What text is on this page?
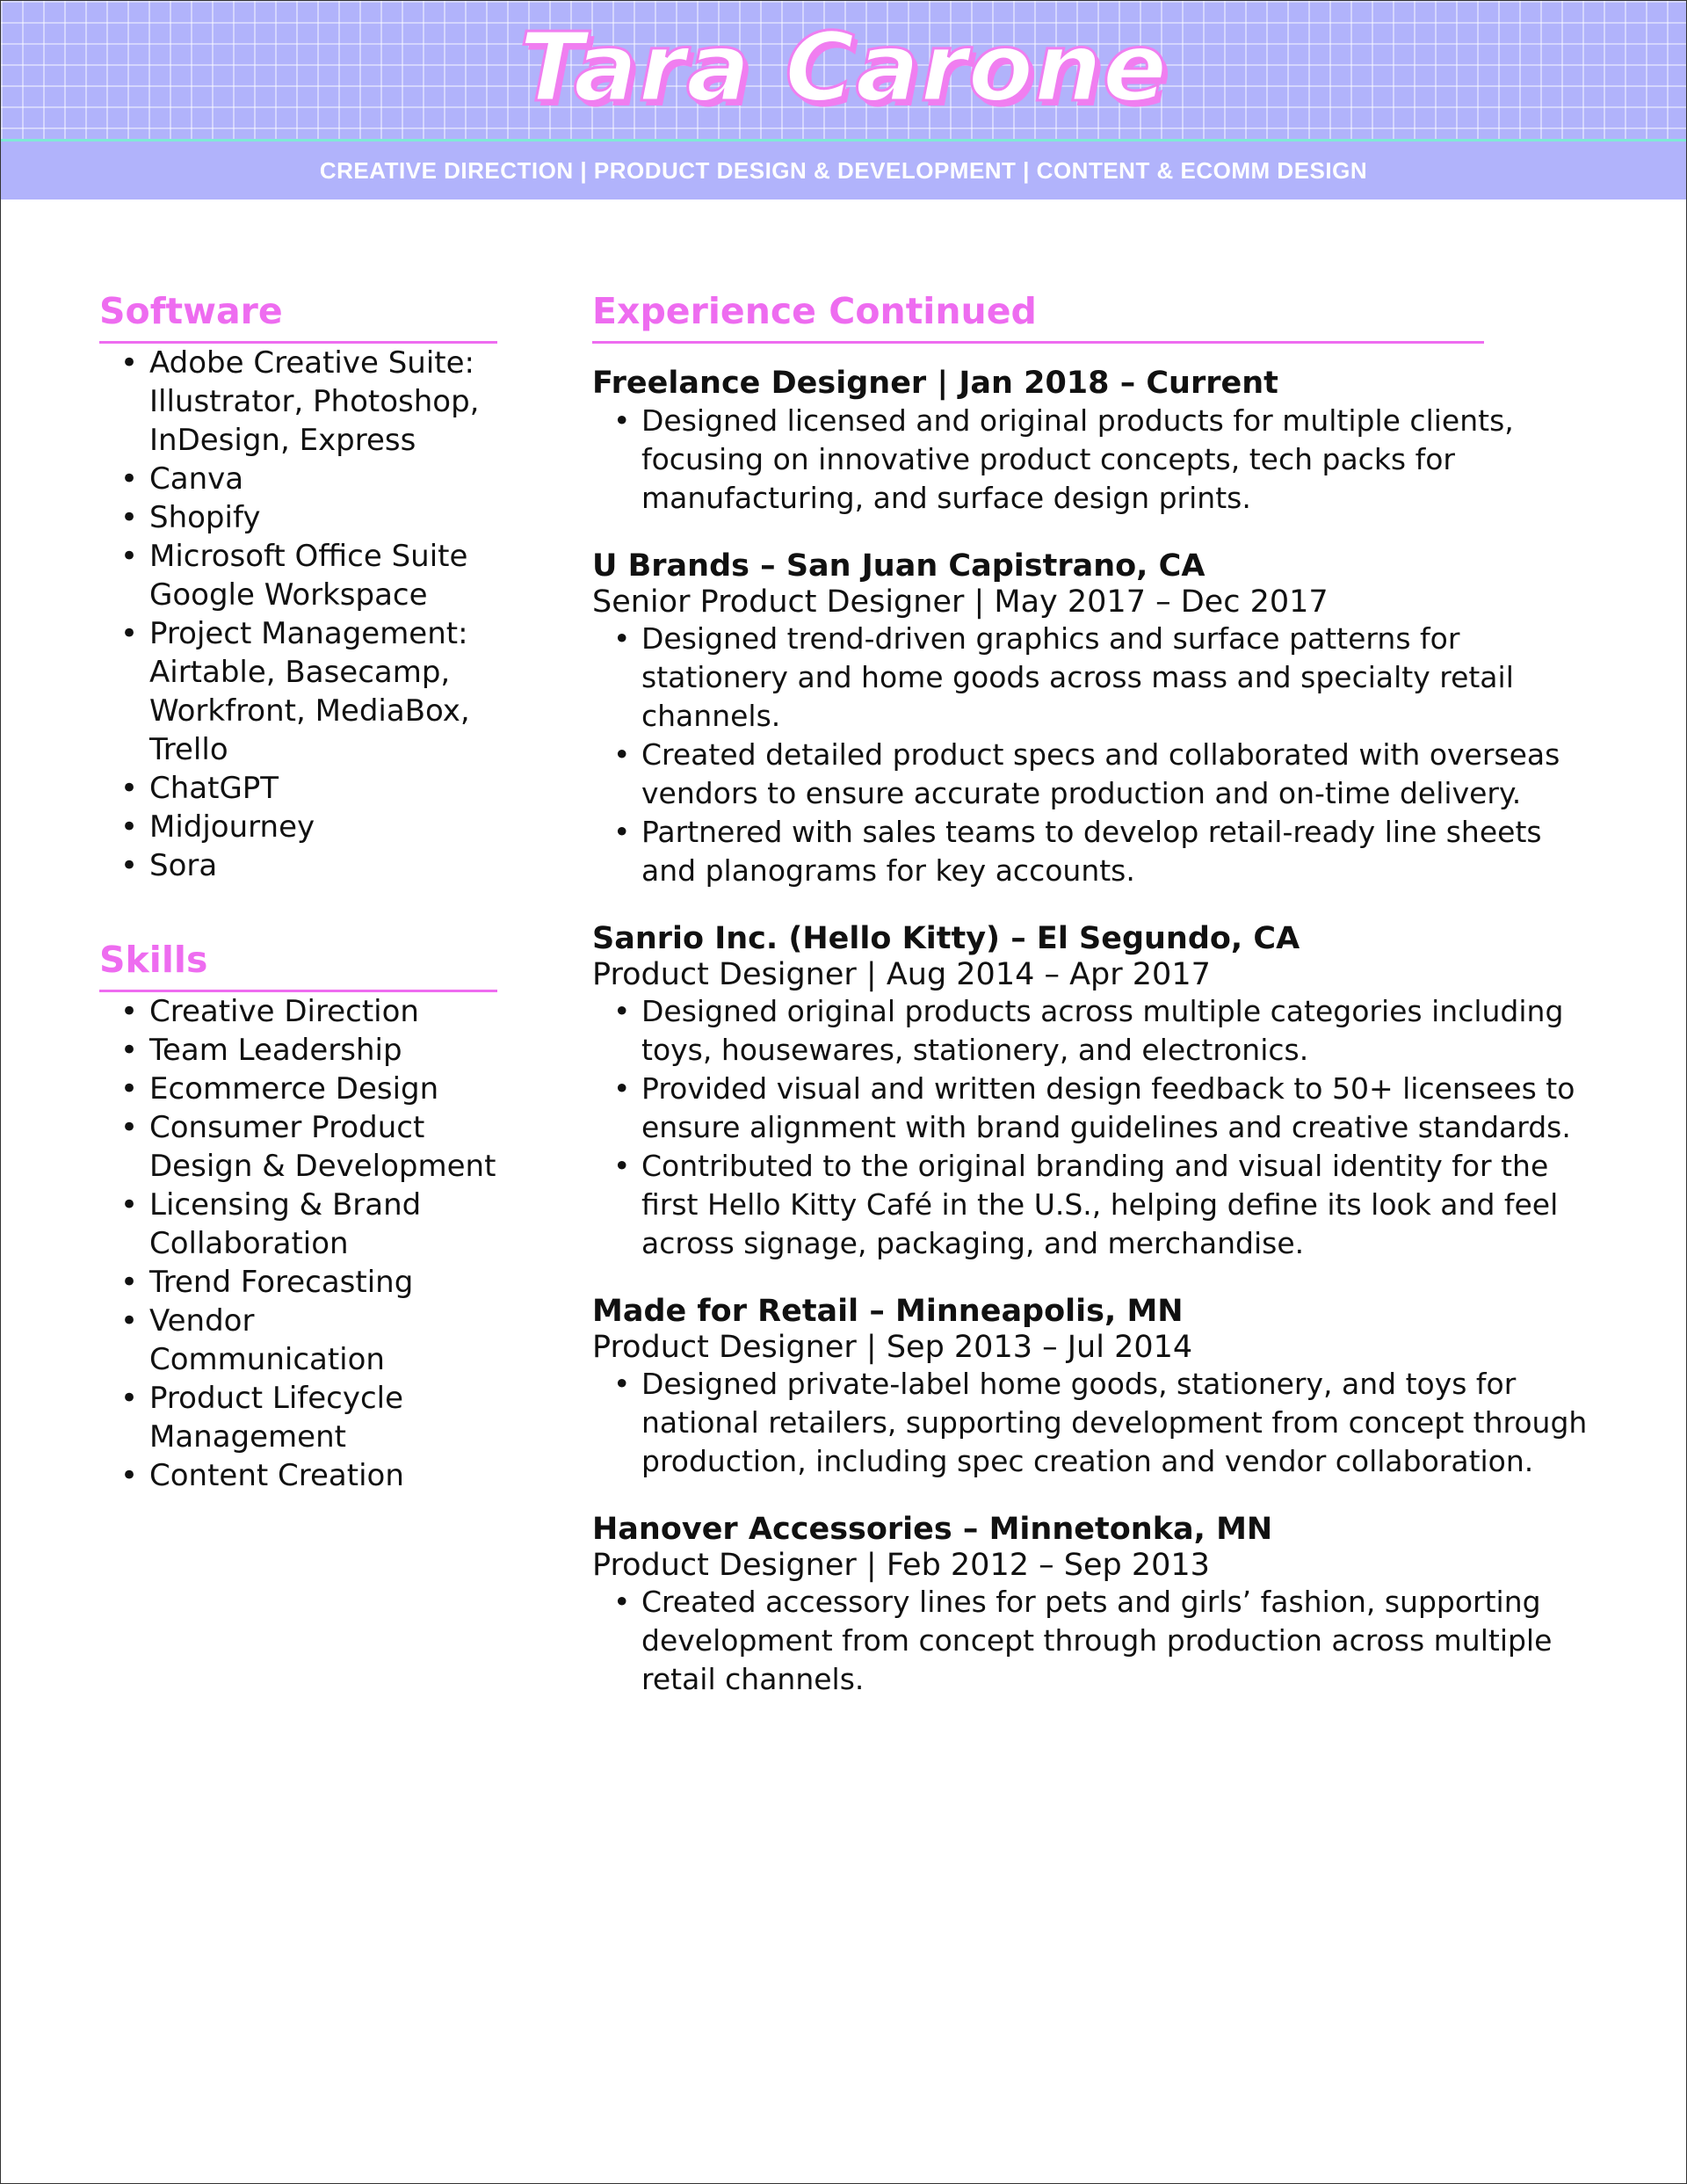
Tara Carone
CREATIVE DIRECTION | PRODUCT DESIGN & DEVELOPMENT | CONTENT & ECOMM DESIGN
Software
• Adobe Creative Suite: Illustrator, Photoshop, InDesign, Express
• Canva
• Shopify
• Microsoft Office Suite Google Workspace
• Project Management: Airtable, Basecamp, Workfront, MediaBox, Trello
• ChatGPT
• Midjourney
• Sora
Skills
• Creative Direction
• Team Leadership
• Ecommerce Design
• Consumer Product Design & Development
• Licensing & Brand Collaboration
• Trend Forecasting
• Vendor Communication
• Product Lifecycle Management
• Content Creation
Experience Continued
Freelance Designer | Jan 2018 – Current
• Designed licensed and original products for multiple clients, focusing on innovative product concepts, tech packs for manufacturing, and surface design prints.
U Brands – San Juan Capistrano, CA
Senior Product Designer | May 2017 – Dec 2017
• Designed trend-driven graphics and surface patterns for stationery and home goods across mass and specialty retail channels.
• Created detailed product specs and collaborated with overseas vendors to ensure accurate production and on-time delivery.
• Partnered with sales teams to develop retail-ready line sheets and planograms for key accounts.
Sanrio Inc. (Hello Kitty) – El Segundo, CA
Product Designer | Aug 2014 – Apr 2017
• Designed original products across multiple categories including toys, housewares, stationery, and electronics.
• Provided visual and written design feedback to 50+ licensees to ensure alignment with brand guidelines and creative standards.
• Contributed to the original branding and visual identity for the first Hello Kitty Café in the U.S., helping define its look and feel across signage, packaging, and merchandise.
Made for Retail – Minneapolis, MN
Product Designer | Sep 2013 – Jul 2014
• Designed private-label home goods, stationery, and toys for national retailers, supporting development from concept through production, including spec creation and vendor collaboration.
Hanover Accessories – Minnetonka, MN
Product Designer | Feb 2012 – Sep 2013
• Created accessory lines for pets and girls’ fashion, supporting development from concept through production across multiple retail channels.
